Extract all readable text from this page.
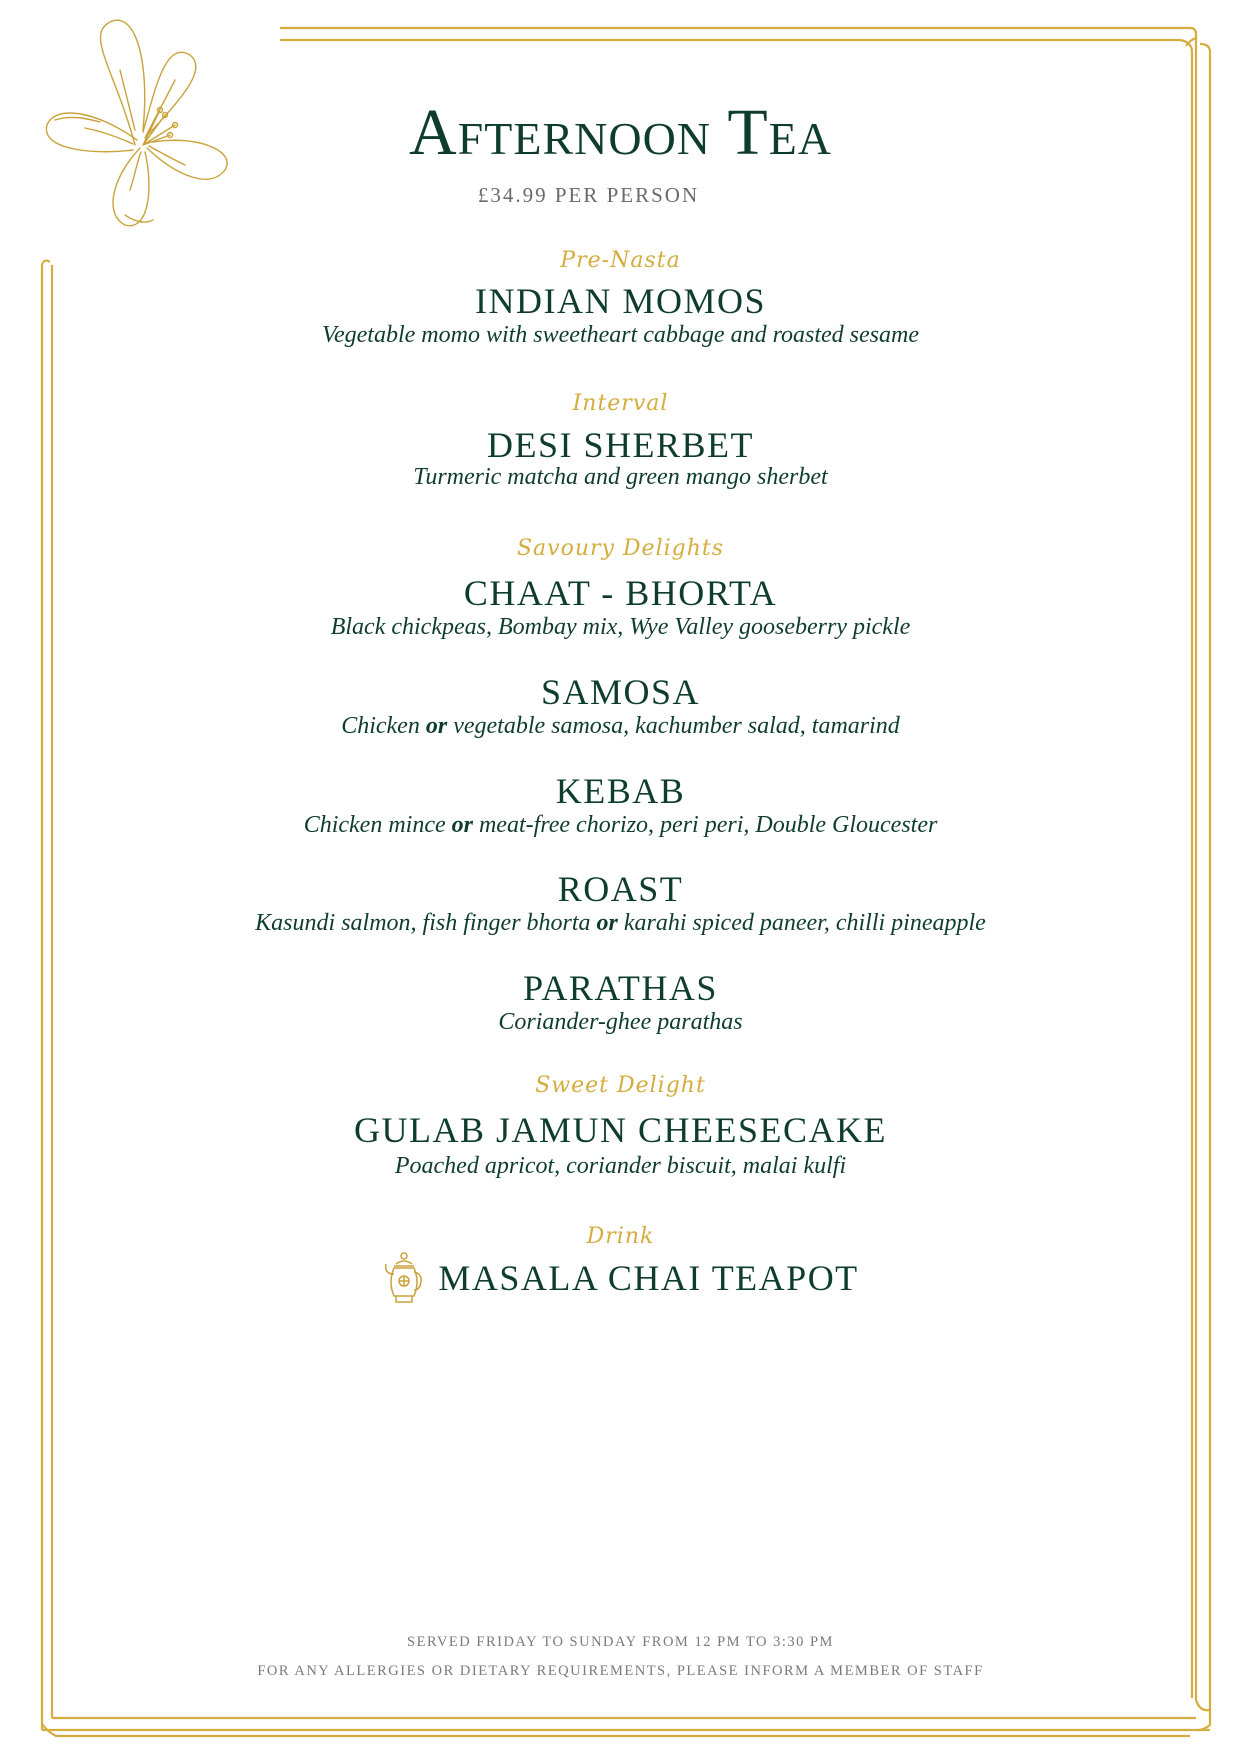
Afternoon Tea
£34.99 PER PERSON
Pre-Nasta
INDIAN MOMOS
Vegetable momo with sweetheart cabbage and roasted sesame
Interval
DESI SHERBET
Turmeric matcha and green mango sherbet
Savoury Delights
CHAAT - BHORTA
Black chickpeas, Bombay mix, Wye Valley gooseberry pickle
SAMOSA
Chicken or vegetable samosa, kachumber salad, tamarind
KEBAB
Chicken mince or meat-free chorizo, peri peri, Double Gloucester
ROAST
Kasundi salmon, fish finger bhorta or karahi spiced paneer, chilli pineapple
PARATHAS
Coriander-ghee parathas
Sweet Delight
GULAB JAMUN CHEESECAKE
Poached apricot, coriander biscuit, malai kulfi
Drink
MASALA CHAI TEAPOT
SERVED FRIDAY TO SUNDAY FROM 12 PM TO 3:30 PM
FOR ANY ALLERGIES OR DIETARY REQUIREMENTS, PLEASE INFORM A MEMBER OF STAFF
